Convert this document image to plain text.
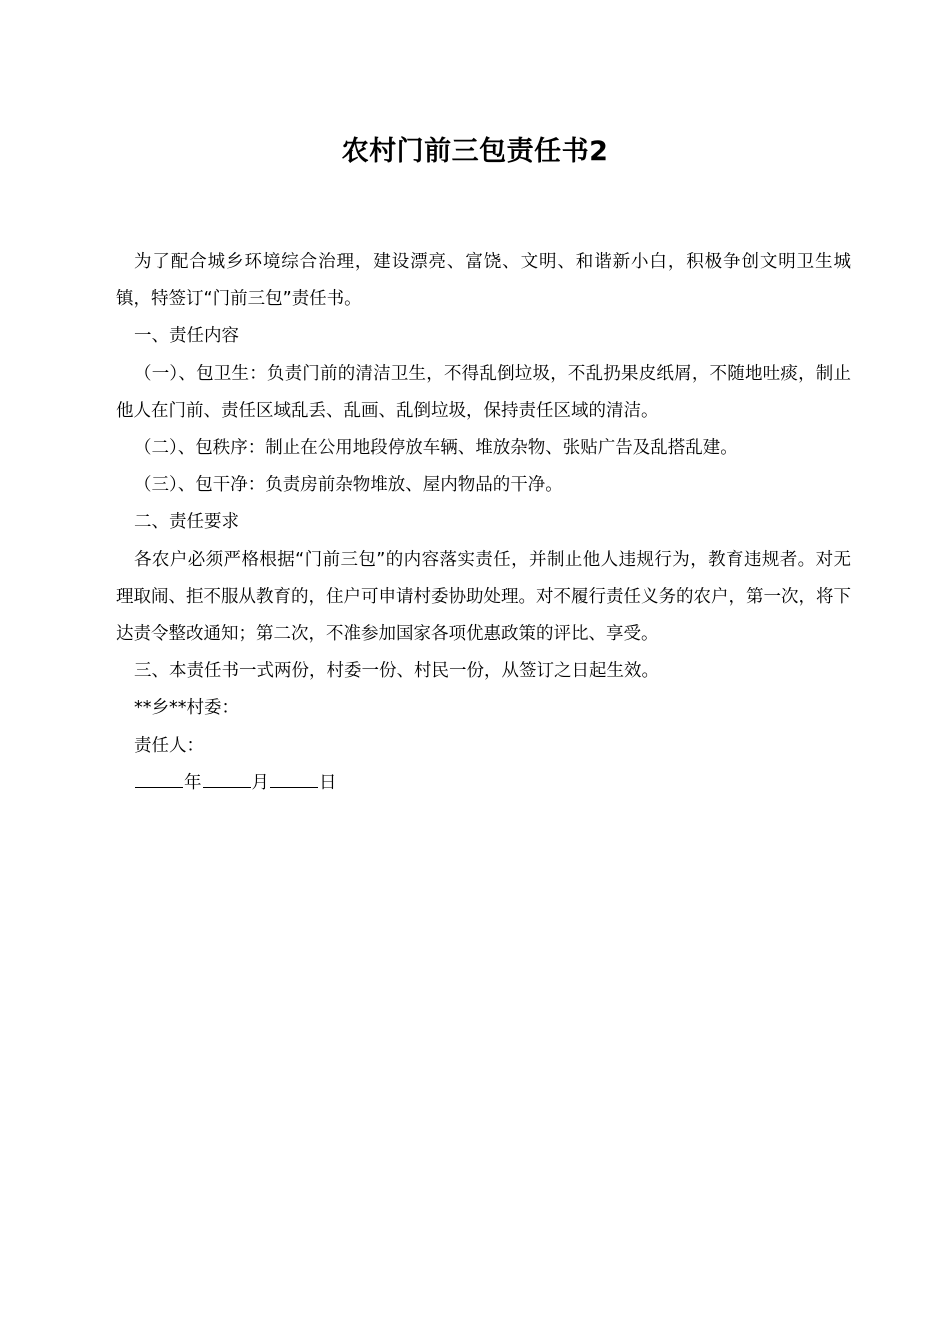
农村门前三包责任书2

为了配合城乡环境综合治理，建设漂亮、富饶、文明、和谐新小白，积极争创文明卫生城镇，特签订“门前三包”责任书。

一、责任内容

（一）、包卫生：负责门前的清洁卫生，不得乱倒垃圾，不乱扔果皮纸屑，不随地吐痰，制止他人在门前、责任区域乱丢、乱画、乱倒垃圾，保持责任区域的清洁。

（二）、包秩序：制止在公用地段停放车辆、堆放杂物、张贴广告及乱搭乱建。

（三）、包干净：负责房前杂物堆放、屋内物品的干净。

二、责任要求

各农户必须严格根据“门前三包”的内容落实责任，并制止他人违规行为，教育违规者。对无理取闹、拒不服从教育的，住户可申请村委协助处理。对不履行责任义务的农户，第一次，将下达责令整改通知；第二次，不准参加国家各项优惠政策的评比、享受。

三、本责任书一式两份，村委一份、村民一份，从签订之日起生效。

**乡**村委：

责任人：

年	月	日
